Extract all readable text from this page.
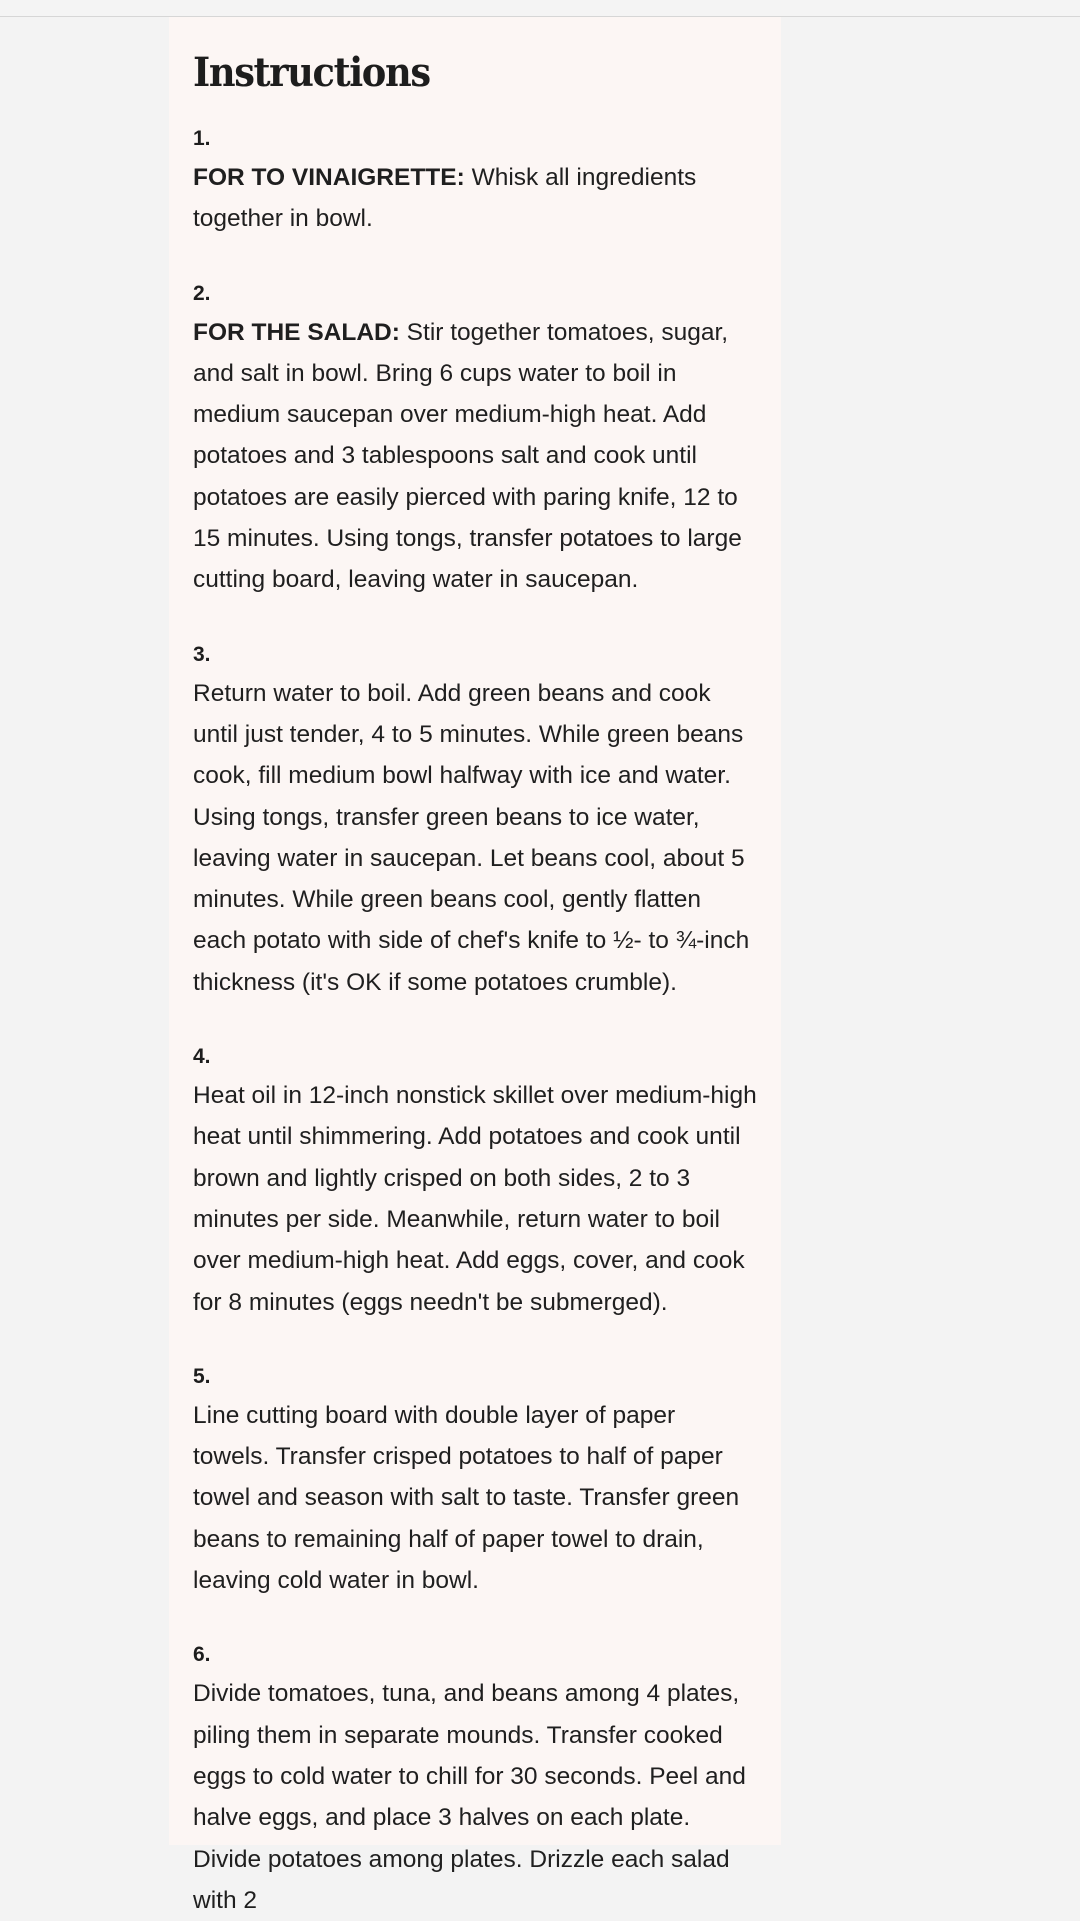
Instructions
1.

FOR TO VINAIGRETTE: Whisk all ingredients together in bowl.

2.

FOR THE SALAD: Stir together tomatoes, sugar, and salt in bowl. Bring 6 cups water to boil in medium saucepan over medium-high heat. Add potatoes and 3 tablespoons salt and cook until potatoes are easily pierced with paring knife, 12 to 15 minutes. Using tongs, transfer potatoes to large cutting board, leaving water in saucepan.

3.

Return water to boil. Add green beans and cook until just tender, 4 to 5 minutes. While green beans cook, fill medium bowl halfway with ice and water. Using tongs, transfer green beans to ice water, leaving water in saucepan. Let beans cool, about 5 minutes. While green beans cool, gently flatten each potato with side of chef's knife to ½- to ¾-inch thickness (it's OK if some potatoes crumble).

4.

Heat oil in 12-inch nonstick skillet over medium-high heat until shimmering. Add potatoes and cook until brown and lightly crisped on both sides, 2 to 3 minutes per side. Meanwhile, return water to boil over medium-high heat. Add eggs, cover, and cook for 8 minutes (eggs needn't be submerged).

5.

Line cutting board with double layer of paper towels. Transfer crisped potatoes to half of paper towel and season with salt to taste. Transfer green beans to remaining half of paper towel to drain, leaving cold water in bowl.

6.

Divide tomatoes, tuna, and beans among 4 plates, piling them in separate mounds. Transfer cooked eggs to cold water to chill for 30 seconds. Peel and halve eggs, and place 3 halves on each plate. Divide potatoes among plates. Drizzle each salad with 2
